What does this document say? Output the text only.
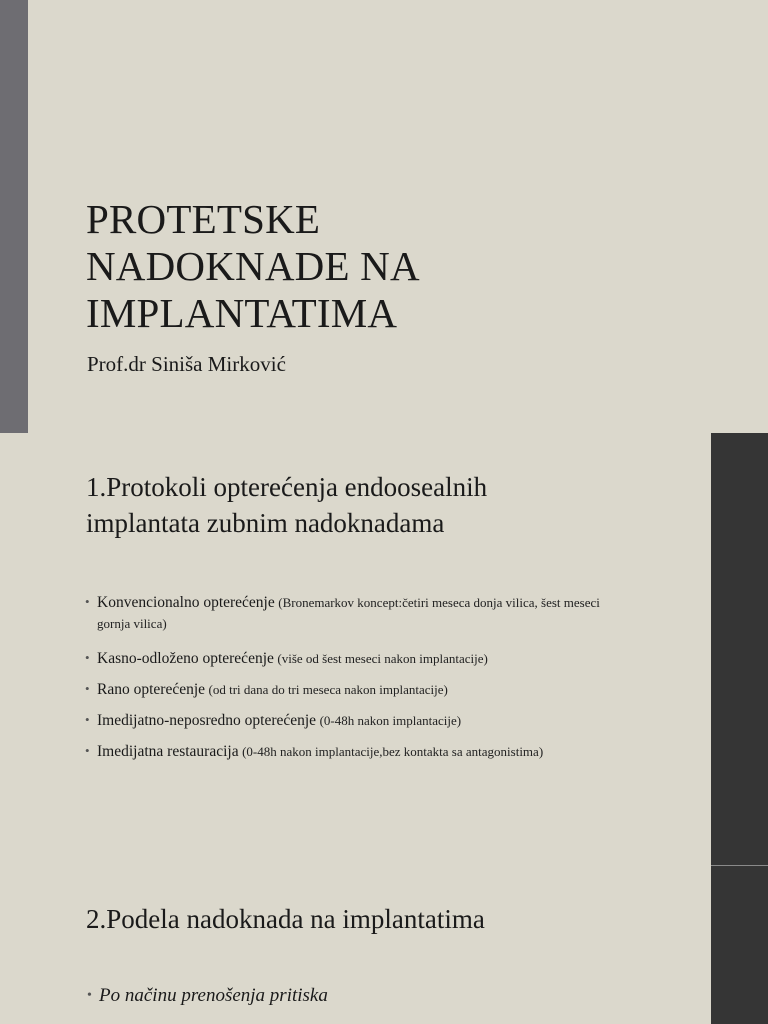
PROTETSKE
NADOKNADE NA
IMPLANTATIMA

Prof.dr Siniša Mirković

1.Protokoli opterećenja endoosealnih
implantata zubnim nadoknadama
• Konvencionalno opterećenje (Bronemarkov koncept:četiri meseca donja vilica, šest meseci gornja vilica)
• Kasno-odloženo opterećenje (više od šest meseci nakon implantacije)
• Rano opterećenje (od tri dana do tri meseca nakon implantacije)
• Imedijatno-neposredno opterećenje (0-48h nakon implantacije)
• Imedijatna restauracija (0-48h nakon implantacije,bez kontakta sa antagonistima)
2.Podela nadoknada na implantatima

• Po načinu prenošenja pritiska
